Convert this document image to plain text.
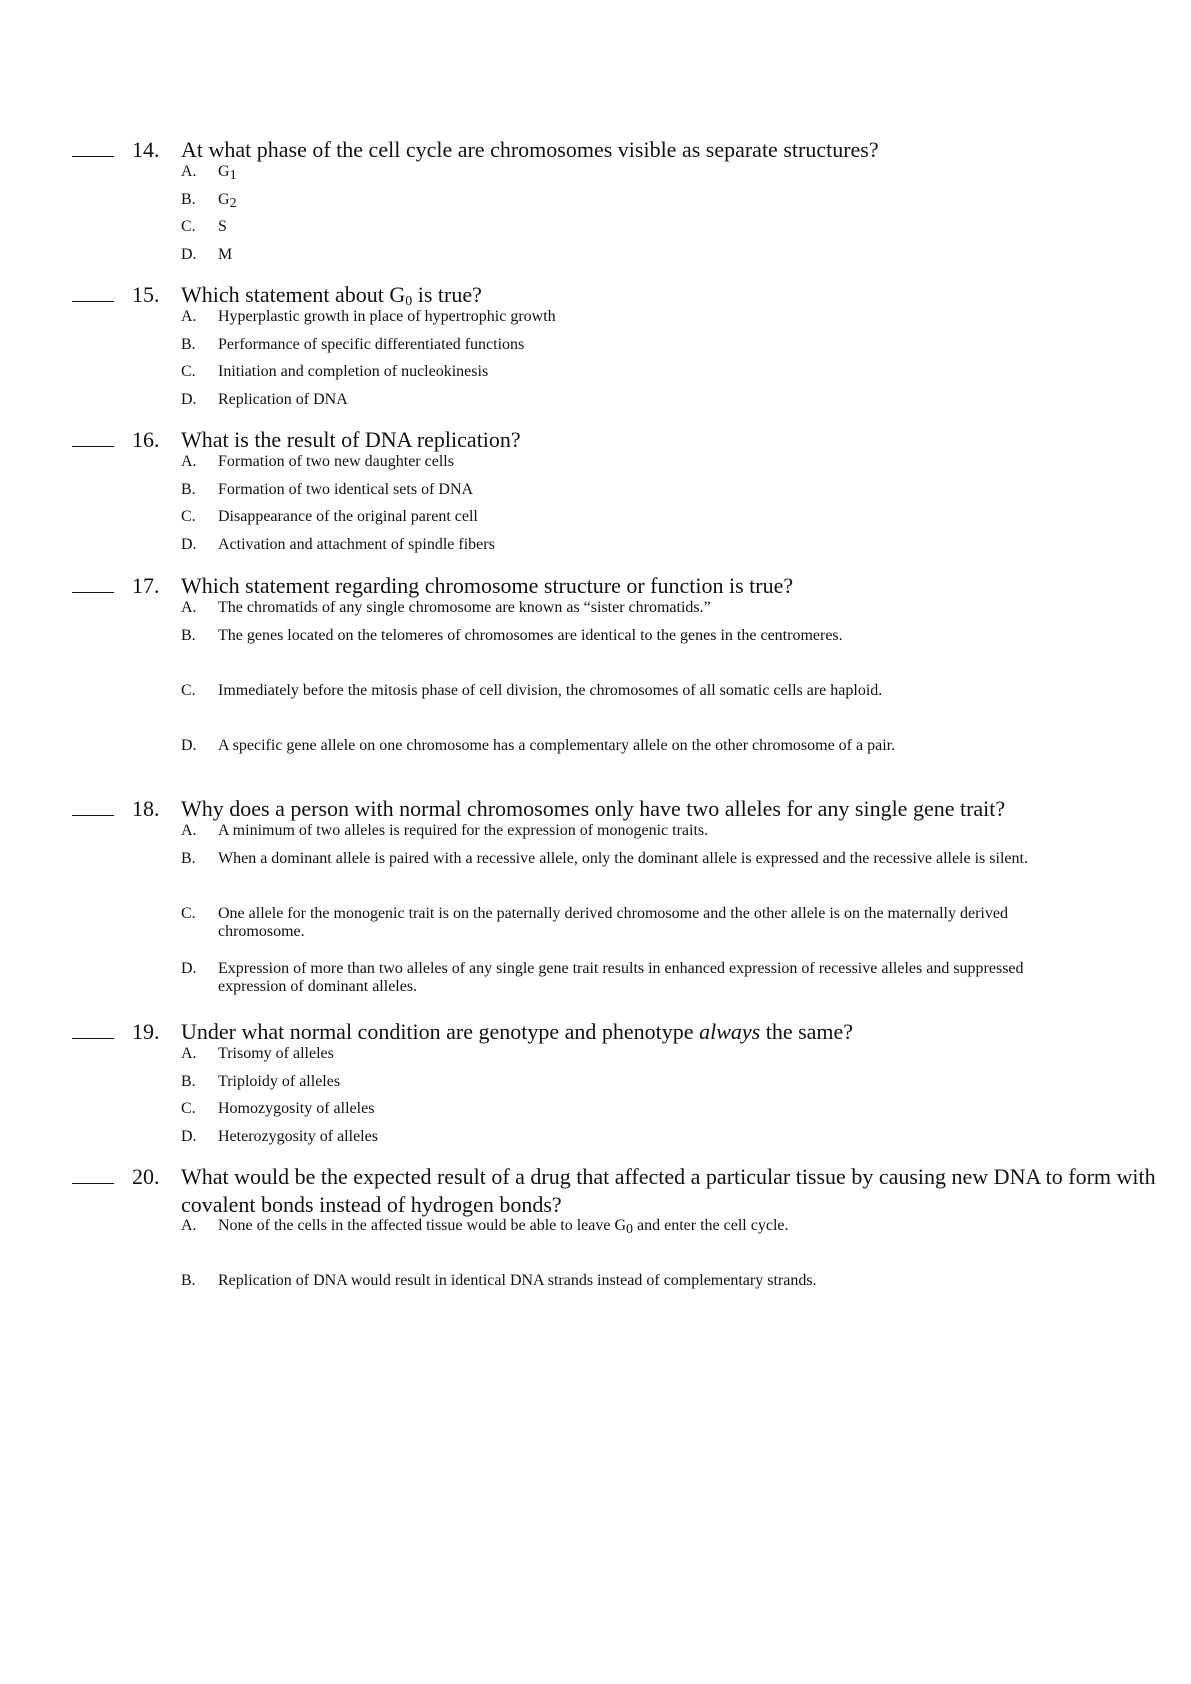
14. At what phase of the cell cycle are chromosomes visible as separate structures?
A. $G_1$
B. $G_2$
C. S
D. M
15. Which statement about $G_0$ is true?
A. Hyperplastic growth in place of hypertrophic growth
B. Performance of specific differentiated functions
C. Initiation and completion of nucleokinesis
D. Replication of DNA
16. What is the result of DNA replication?
A. Formation of two new daughter cells
B. Formation of two identical sets of DNA
C. Disappearance of the original parent cell
D. Activation and attachment of spindle fibers
17. Which statement regarding chromosome structure or function is true?
A. The chromatids of any single chromosome are known as “sister chromatids.”
B. The genes located on the telomeres of chromosomes are identical to the genes in the centromeres.
C. Immediately before the mitosis phase of cell division, the chromosomes of all somatic cells are haploid.
D. A specific gene allele on one chromosome has a complementary allele on the other chromosome of a pair.
18. Why does a person with normal chromosomes only have two alleles for any single gene trait?
A. A minimum of two alleles is required for the expression of monogenic traits.
B. When a dominant allele is paired with a recessive allele, only the dominant allele is expressed and the recessive allele is silent.
C. One allele for the monogenic trait is on the paternally derived chromosome and the other allele is on the maternally derived chromosome.
D. Expression of more than two alleles of any single gene trait results in enhanced expression of recessive alleles and suppressed expression of dominant alleles.
19. Under what normal condition are genotype and phenotype always the same?
A. Trisomy of alleles
B. Triploidy of alleles
C. Homozygosity of alleles
D. Heterozygosity of alleles
20. What would be the expected result of a drug that affected a particular tissue by causing new DNA to form with covalent bonds instead of hydrogen bonds?
A. None of the cells in the affected tissue would be able to leave $G_0$ and enter the cell cycle.
B. Replication of DNA would result in identical DNA strands instead of complementary strands.
